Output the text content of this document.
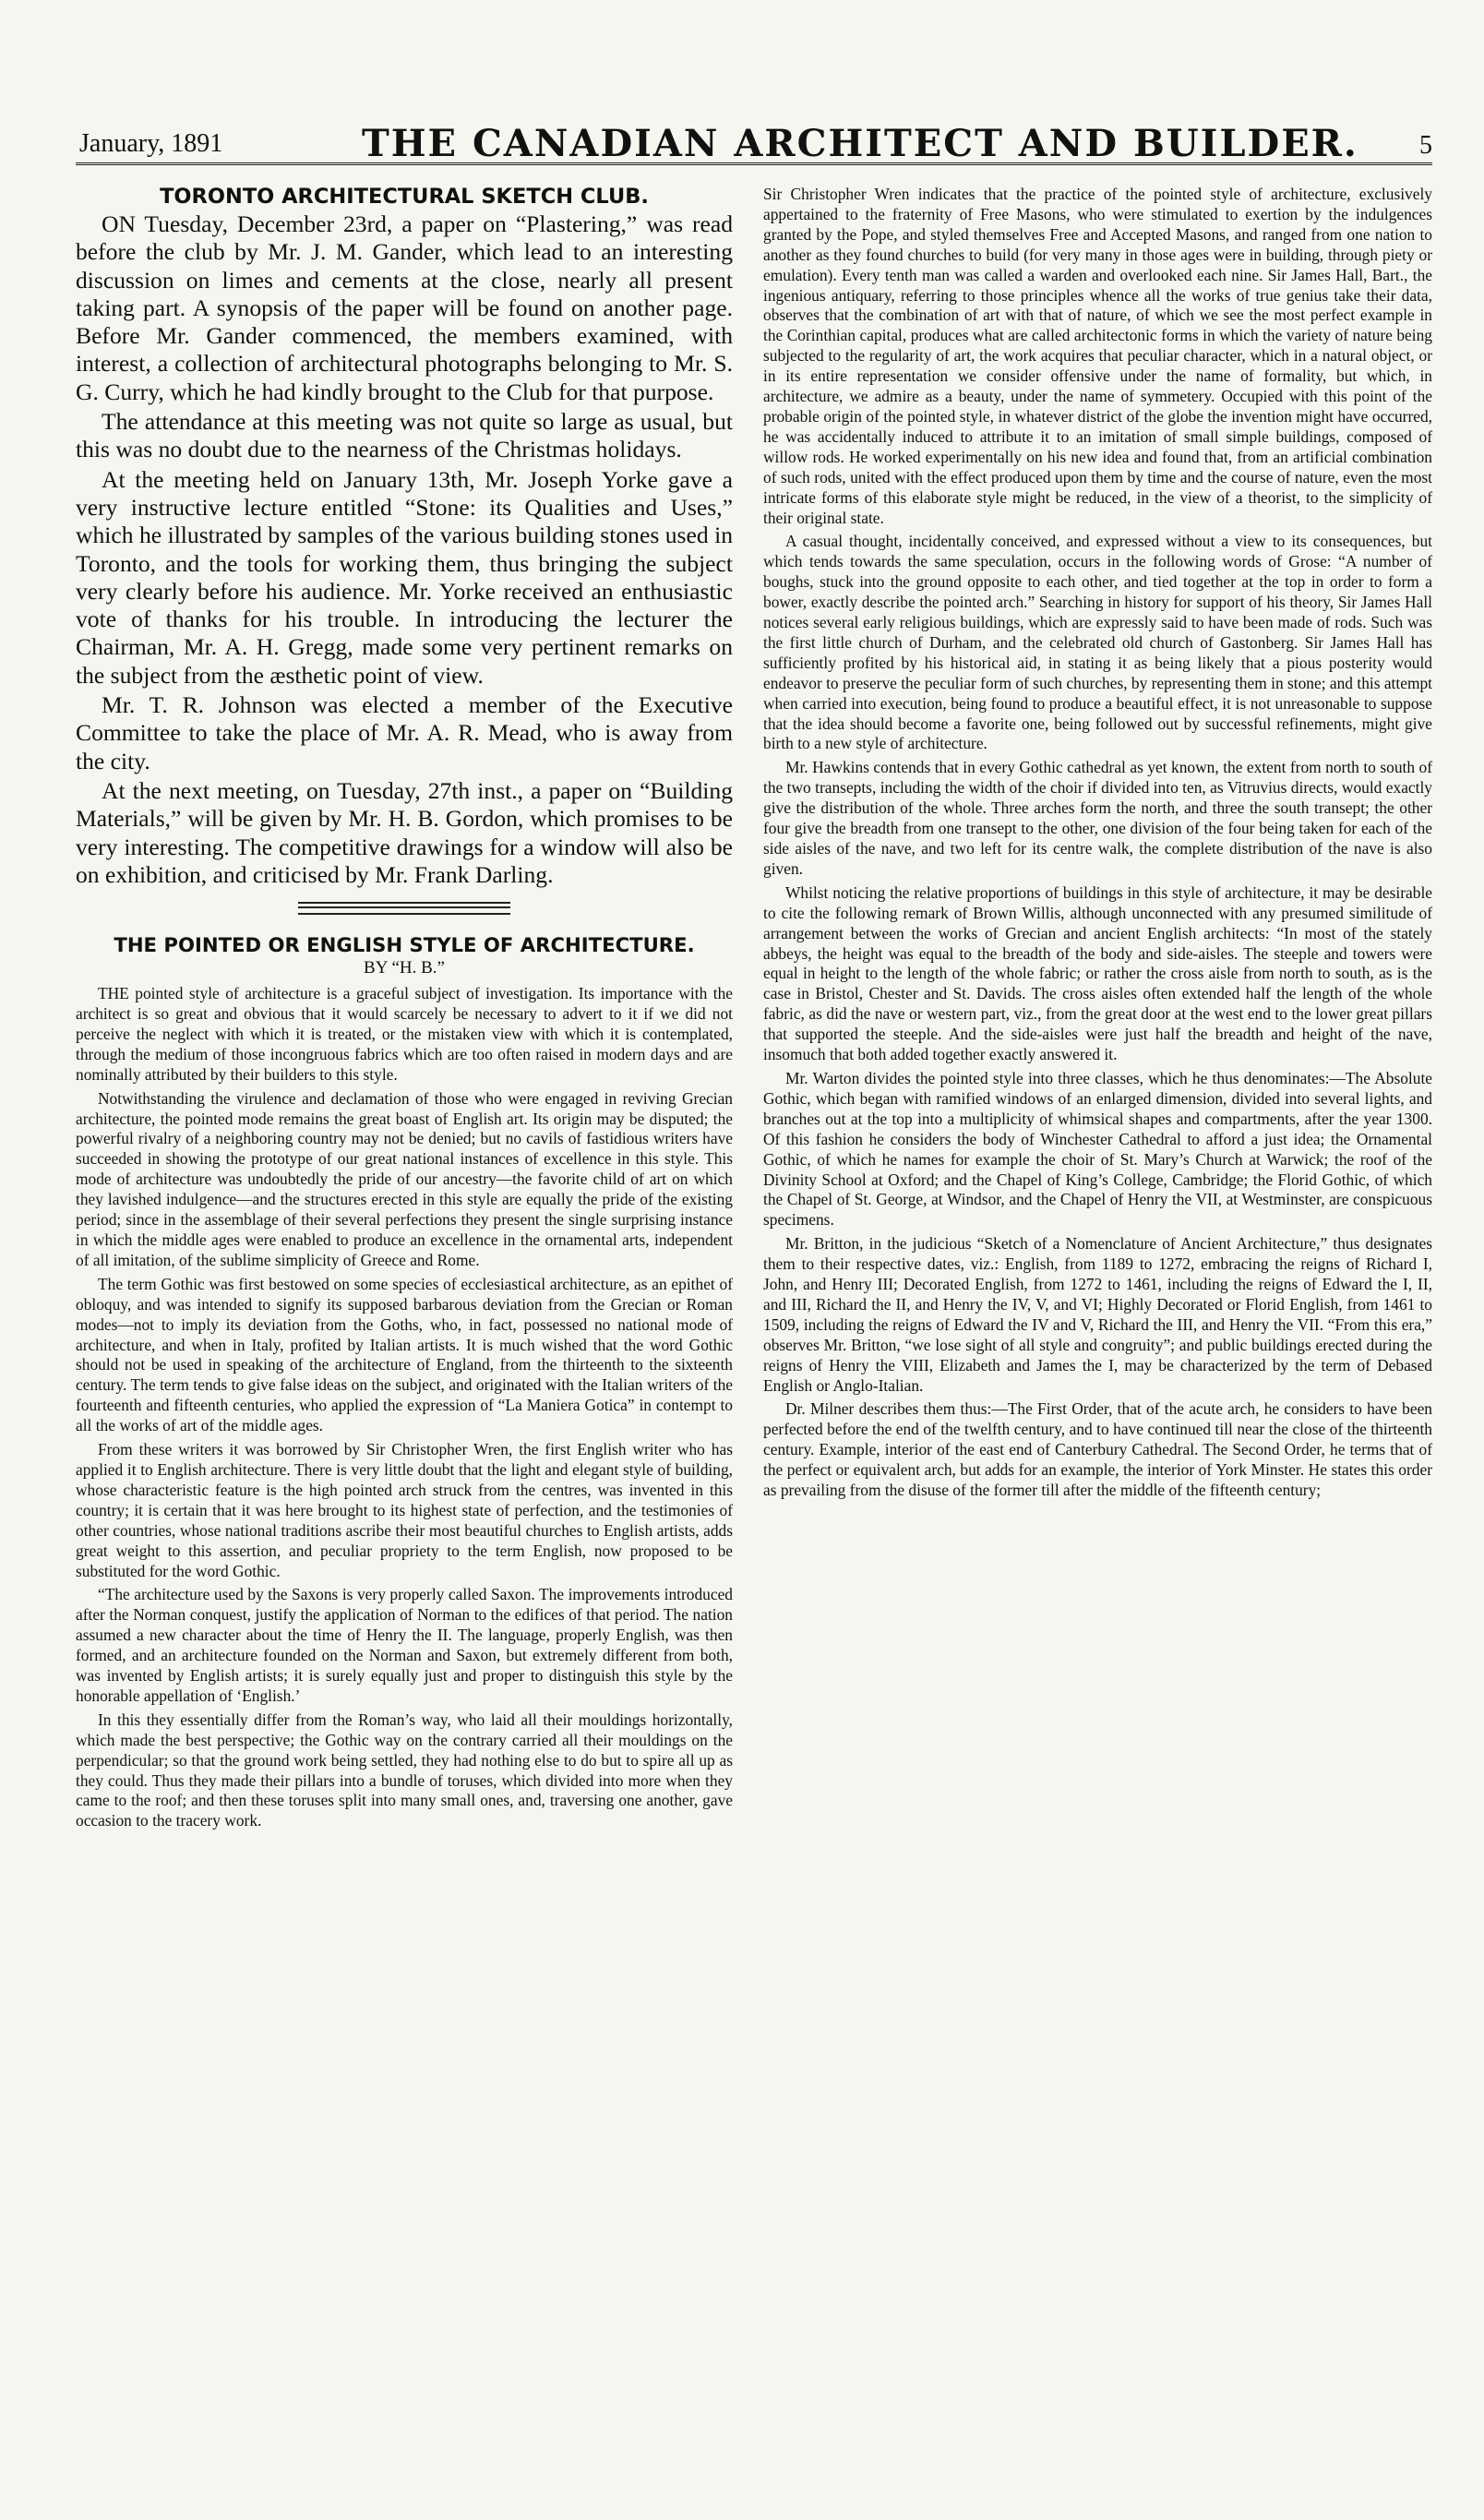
January, 1891	THE CANADIAN ARCHITECT AND BUILDER. 5
TORONTO ARCHITECTURAL SKETCH CLUB.

ON Tuesday, December 23rd, a paper on “Plastering,” was read before the club by Mr. J. M. Gander, which lead to an interesting discussion on limes and cements at the close, nearly all present taking part. A synopsis of the paper will be found on another page. Before Mr. Gander commenced, the members examined, with interest, a collection of architectural photographs belonging to Mr. S. G. Curry, which he had kindly brought to the Club for that purpose.

The attendance at this meeting was not quite so large as usual, but this was no doubt due to the nearness of the Christmas holidays.

At the meeting held on January 13th, Mr. Joseph Yorke gave a very instructive lecture entitled “Stone: its Qualities and Uses,” which he illustrated by samples of the various building stones used in Toronto, and the tools for working them, thus bringing the subject very clearly before his audience. Mr. Yorke received an enthusiastic vote of thanks for his trouble. In introducing the lecturer the Chairman, Mr. A. H. Gregg, made some very pertinent remarks on the subject from the æsthetic point of view.

Mr. T. R. Johnson was elected a member of the Executive Committee to take the place of Mr. A. R. Mead, who is away from the city.

At the next meeting, on Tuesday, 27th inst., a paper on “Building Materials,” will be given by Mr. H. B. Gordon, which promises to be very interesting. The competitive drawings for a window will also be on exhibition, and criticised by Mr. Frank Darling.

THE POINTED OR ENGLISH STYLE OF ARCHITECTURE.
BY “H. B.”

THE pointed style of architecture is a graceful subject of investigation. Its importance with the architect is so great and obvious that it would scarcely be necessary to advert to it if we did not perceive the neglect with which it is treated, or the mistaken view with which it is contemplated, through the medium of those incongruous fabrics which are too often raised in modern days and are nominally attributed by their builders to this style.

Notwithstanding the virulence and declamation of those who were engaged in reviving Grecian architecture, the pointed mode remains the great boast of English art. Its origin may be disputed; the powerful rivalry of a neighboring country may not be denied; but no cavils of fastidious writers have succeeded in showing the prototype of our great national instances of excellence in this style. This mode of architecture was undoubtedly the pride of our ancestry—the favorite child of art on which they lavished indulgence—and the structures erected in this style are equally the pride of the existing period; since in the assemblage of their several perfections they present the single surprising instance in which the middle ages were enabled to produce an excellence in the ornamental arts, independent of all imitation, of the sublime simplicity of Greece and Rome.

The term Gothic was first bestowed on some species of ecclesiastical architecture, as an epithet of obloquy, and was intended to signify its supposed barbarous deviation from the Grecian or Roman modes—not to imply its deviation from the Goths, who, in fact, possessed no national mode of architecture, and when in Italy, profited by Italian artists. It is much wished that the word Gothic should not be used in speaking of the architecture of England, from the thirteenth to the sixteenth century. The term tends to give false ideas on the subject, and originated with the Italian writers of the fourteenth and fifteenth centuries, who applied the expression of “La Maniera Gotica” in contempt to all the works of art of the middle ages.

From these writers it was borrowed by Sir Christopher Wren, the first English writer who has applied it to English architecture. There is very little doubt that the light and elegant style of building, whose characteristic feature is the high pointed arch struck from the centres, was invented in this country; it is certain that it was here brought to its highest state of perfection, and the testimonies of other countries, whose national traditions ascribe their most beautiful churches to English artists, adds great weight to this assertion, and peculiar propriety to the term English, now proposed to be substituted for the word Gothic.

“The architecture used by the Saxons is very properly called Saxon. The improvements introduced after the Norman conquest, justify the application of Norman to the edifices of that period. The nation assumed a new character about the time of Henry the II. The language, properly English, was then formed, and an architecture founded on the Norman and Saxon, but extremely different from both, was invented by English artists; it is surely equally just and proper to distinguish this style by the honorable appellation of ‘English.’

In this they essentially differ from the Roman’s way, who laid all their mouldings horizontally, which made the best perspective; the Gothic way on the contrary carried all their mouldings on the perpendicular; so that the ground work being settled, they had nothing else to do but to spire all up as they could. Thus they made their pillars into a bundle of toruses, which divided into more when they came to the roof; and then these toruses split into many small ones, and, traversing one another, gave occasion to the tracery work.

Sir Christopher Wren indicates that the practice of the pointed style of architecture, exclusively appertained to the fraternity of Free Masons, who were stimulated to exertion by the indulgences granted by the Pope, and styled themselves Free and Accepted Masons, and ranged from one nation to another as they found churches to build (for very many in those ages were in building, through piety or emulation). Every tenth man was called a warden and overlooked each nine. Sir James Hall, Bart., the ingenious antiquary, referring to those principles whence all the works of true genius take their data, observes that the combination of art with that of nature, of which we see the most perfect example in the Corinthian capital, produces what are called architectonic forms in which the variety of nature being subjected to the regularity of art, the work acquires that peculiar character, which in a natural object, or in its entire representation we consider offensive under the name of formality, but which, in architecture, we admire as a beauty, under the name of symmetery. Occupied with this point of the probable origin of the pointed style, in whatever district of the globe the invention might have occurred, he was accidentally induced to attribute it to an imitation of small simple buildings, composed of willow rods. He worked experimentally on his new idea and found that, from an artificial combination of such rods, united with the effect produced upon them by time and the course of nature, even the most intricate forms of this elaborate style might be reduced, in the view of a theorist, to the simplicity of their original state.

A casual thought, incidentally conceived, and expressed without a view to its consequences, but which tends towards the same speculation, occurs in the following words of Grose: “A number of boughs, stuck into the ground opposite to each other, and tied together at the top in order to form a bower, exactly describe the pointed arch.” Searching in history for support of his theory, Sir James Hall notices several early religious buildings, which are expressly said to have been made of rods. Such was the first little church of Durham, and the celebrated old church of Gastonberg. Sir James Hall has sufficiently profited by his historical aid, in stating it as being likely that a pious posterity would endeavor to preserve the peculiar form of such churches, by representing them in stone; and this attempt when carried into execution, being found to produce a beautiful effect, it is not unreasonable to suppose that the idea should become a favorite one, being followed out by successful refinements, might give birth to a new style of architecture.

Mr. Hawkins contends that in every Gothic cathedral as yet known, the extent from north to south of the two transepts, including the width of the choir if divided into ten, as Vitruvius directs, would exactly give the distribution of the whole. Three arches form the north, and three the south transept; the other four give the breadth from one transept to the other, one division of the four being taken for each of the side aisles of the nave, and two left for its centre walk, the complete distribution of the nave is also given.

Whilst noticing the relative proportions of buildings in this style of architecture, it may be desirable to cite the following remark of Brown Willis, although unconnected with any presumed similitude of arrangement between the works of Grecian and ancient English architects: “In most of the stately abbeys, the height was equal to the breadth of the body and side-aisles. The steeple and towers were equal in height to the length of the whole fabric; or rather the cross aisle from north to south, as is the case in Bristol, Chester and St. Davids. The cross aisles often extended half the length of the whole fabric, as did the nave or western part, viz., from the great door at the west end to the lower great pillars that supported the steeple. And the side-aisles were just half the breadth and height of the nave, insomuch that both added together exactly answered it.

Mr. Warton divides the pointed style into three classes, which he thus denominates:—The Absolute Gothic, which began with ramified windows of an enlarged dimension, divided into several lights, and branches out at the top into a multiplicity of whimsical shapes and compartments, after the year 1300. Of this fashion he considers the body of Winchester Cathedral to afford a just idea; the Ornamental Gothic, of which he names for example the choir of St. Mary’s Church at Warwick; the roof of the Divinity School at Oxford; and the Chapel of King’s College, Cambridge; the Florid Gothic, of which the Chapel of St. George, at Windsor, and the Chapel of Henry the VII, at Westminster, are conspicuous specimens.

Mr. Britton, in the judicious “Sketch of a Nomenclature of Ancient Architecture,” thus designates them to their respective dates, viz.: English, from 1189 to 1272, embracing the reigns of Richard I, John, and Henry III; Decorated English, from 1272 to 1461, including the reigns of Edward the I, II, and III, Richard the II, and Henry the IV, V, and VI; Highly Decorated or Florid English, from 1461 to 1509, including the reigns of Edward the IV and V, Richard the III, and Henry the VII. “From this era,” observes Mr. Britton, “we lose sight of all style and congruity”; and public buildings erected during the reigns of Henry the VIII, Elizabeth and James the I, may be characterized by the term of Debased English or Anglo-Italian.

Dr. Milner describes them thus:—The First Order, that of the acute arch, he considers to have been perfected before the end of the twelfth century, and to have continued till near the close of the thirteenth century. Example, interior of the east end of Canterbury Cathedral. The Second Order, he terms that of the perfect or equivalent arch, but adds for an example, the interior of York Minster. He states this order as prevailing from the disuse of the former till after the middle of the fifteenth century;
